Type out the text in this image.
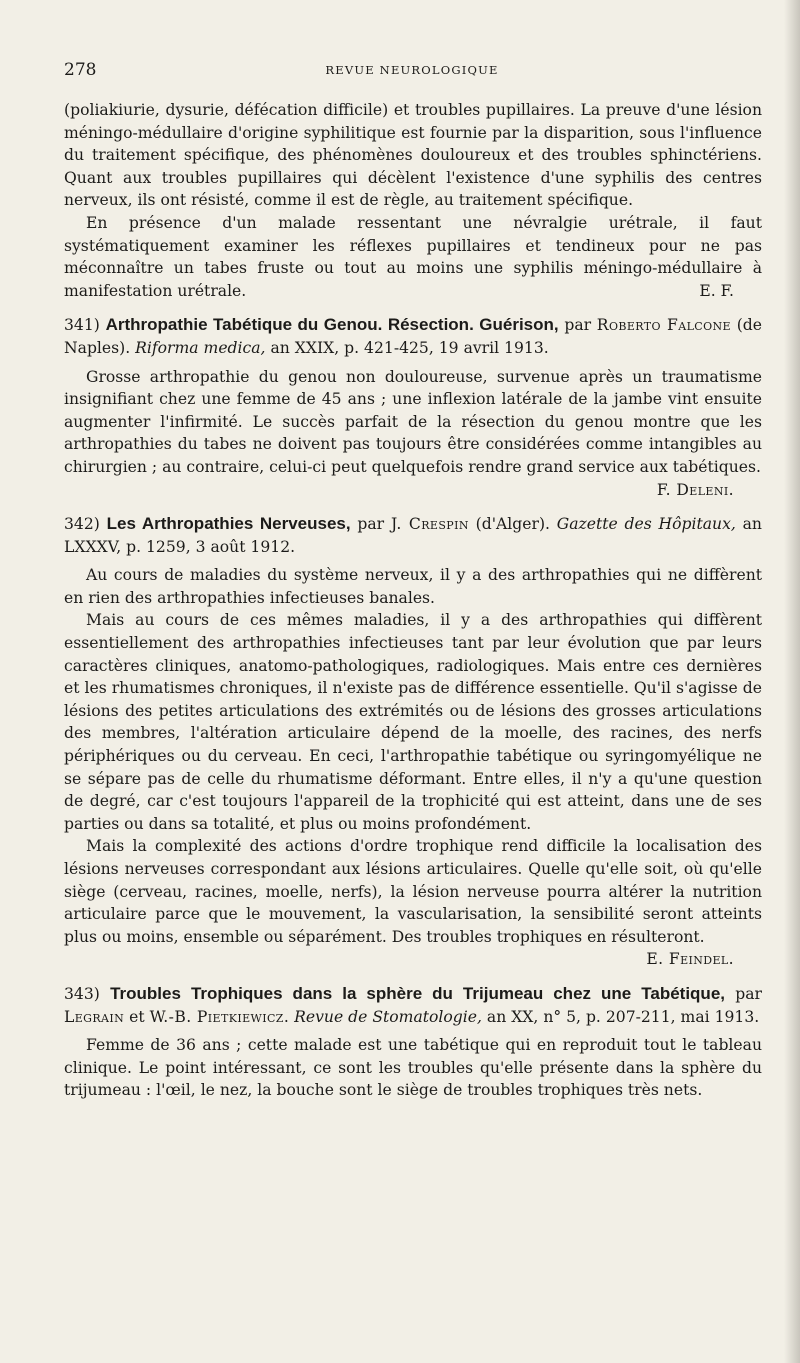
278	REVUE NEUROLOGIQUE

(poliakiurie, dysurie, défécation difficile) et troubles pupillaires. La preuve d'une lésion méningo-médullaire d'origine syphilitique est fournie par la disparition, sous l'influence du traitement spécifique, des phénomènes douloureux et des troubles sphinctériens. Quant aux troubles pupillaires qui décèlent l'existence d'une syphilis des centres nerveux, ils ont résisté, comme il est de règle, au traitement spécifique.

En présence d'un malade ressentant une névralgie urétrale, il faut systématiquement examiner les réflexes pupillaires et tendineux pour ne pas méconnaître un tabes fruste ou tout au moins une syphilis méningo-médullaire à manifestation urétrale.	E. F.

341) Arthropathie Tabétique du Genou. Résection. Guérison, par Roberto Falcone (de Naples). Riforma medica, an XXIX, p. 421-425, 19 avril 1913.

Grosse arthropathie du genou non douloureuse, survenue après un traumatisme insignifiant chez une femme de 45 ans ; une inflexion latérale de la jambe vint ensuite augmenter l'infirmité. Le succès parfait de la résection du genou montre que les arthropathies du tabes ne doivent pas toujours être considérées comme intangibles au chirurgien ; au contraire, celui-ci peut quelquefois rendre grand service aux tabétiques.
F. Deleni.

342) Les Arthropathies Nerveuses, par J. Crespin (d'Alger). Gazette des Hôpitaux, an LXXXV, p. 1259, 3 août 1912.

Au cours de maladies du système nerveux, il y a des arthropathies qui ne diffèrent en rien des arthropathies infectieuses banales.

Mais au cours de ces mêmes maladies, il y a des arthropathies qui diffèrent essentiellement des arthropathies infectieuses tant par leur évolution que par leurs caractères cliniques, anatomo-pathologiques, radiologiques. Mais entre ces dernières et les rhumatismes chroniques, il n'existe pas de différence essentielle. Qu'il s'agisse de lésions des petites articulations des extrémités ou de lésions des grosses articulations des membres, l'altération articulaire dépend de la moelle, des racines, des nerfs périphériques ou du cerveau. En ceci, l'arthropathie tabétique ou syringomyélique ne se sépare pas de celle du rhumatisme déformant. Entre elles, il n'y a qu'une question de degré, car c'est toujours l'appareil de la trophicité qui est atteint, dans une de ses parties ou dans sa totalité, et plus ou moins profondément.

Mais la complexité des actions d'ordre trophique rend difficile la localisation des lésions nerveuses correspondant aux lésions articulaires. Quelle qu'elle soit, où qu'elle siège (cerveau, racines, moelle, nerfs), la lésion nerveuse pourra altérer la nutrition articulaire parce que le mouvement, la vascularisation, la sensibilité seront atteints plus ou moins, ensemble ou séparément. Des troubles trophiques en résulteront.
E. Feindel.

343) Troubles Trophiques dans la sphère du Trijumeau chez une Tabétique, par Legrain et W.-B. Pietkiewicz. Revue de Stomatologie, an XX, n° 5, p. 207-211, mai 1913.

Femme de 36 ans ; cette malade est une tabétique qui en reproduit tout le tableau clinique. Le point intéressant, ce sont les troubles qu'elle présente dans la sphère du trijumeau : l'œil, le nez, la bouche sont le siège de troubles trophiques très nets.
